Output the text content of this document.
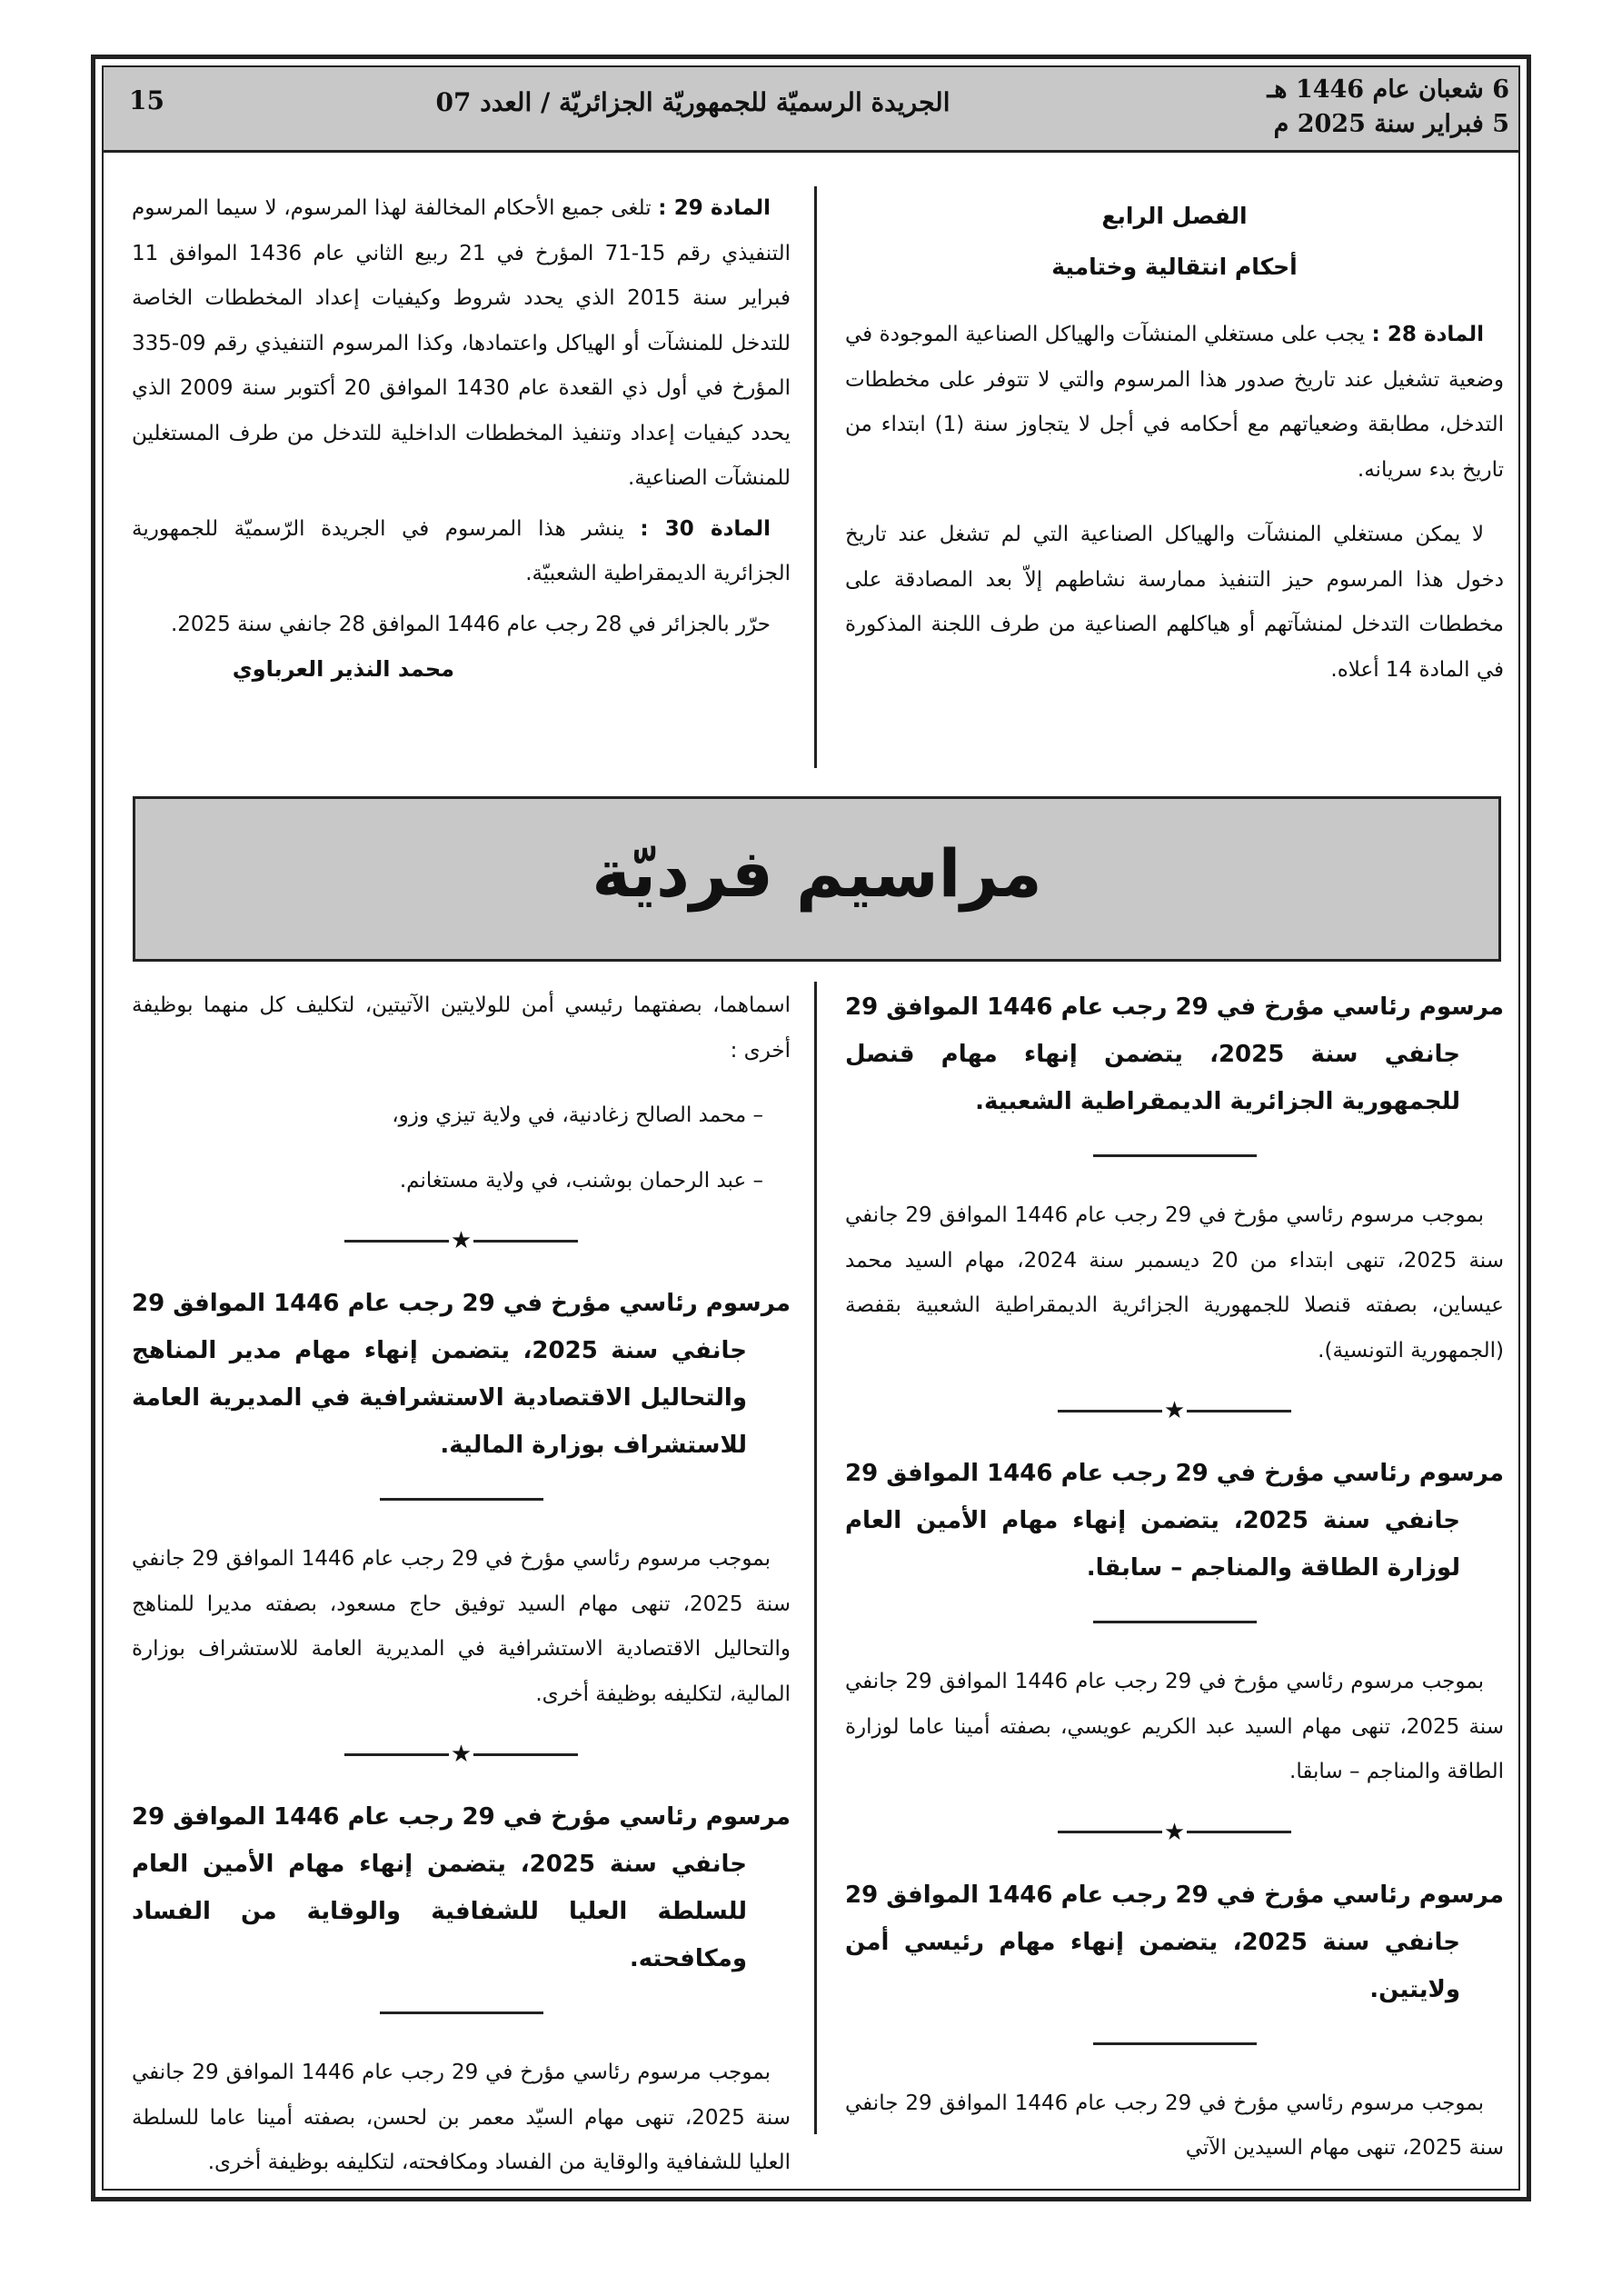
6 شعبان عام 1446 هـ
5 فبراير سنة 2025 م
الجريدة الرسميّة للجمهوريّة الجزائريّة / العدد 07
15

الفصل الرابع

أحكام انتقالية وختامية

المادة 28 : يجب على مستغلي المنشآت والهياكل الصناعية الموجودة في وضعية تشغيل عند تاريخ صدور هذا المرسوم والتي لا تتوفر على مخططات التدخل، مطابقة وضعياتهم مع أحكامه في أجل لا يتجاوز سنة (1) ابتداء من تاريخ بدء سريانه.

لا يمكن مستغلي المنشآت والهياكل الصناعية التي لم تشغل عند تاريخ دخول هذا المرسوم حيز التنفيذ ممارسة نشاطهم إلاّ بعد المصادقة على مخططات التدخل لمنشآتهم أو هياكلهم الصناعية من طرف اللجنة المذكورة في المادة 14 أعلاه.

المادة 29 : تلغى جميع الأحكام المخالفة لهذا المرسوم، لا سيما المرسوم التنفيذي رقم 15-71 المؤرخ في 21 ربيع الثاني عام 1436 الموافق 11 فبراير سنة 2015 الذي يحدد شروط وكيفيات إعداد المخططات الخاصة للتدخل للمنشآت أو الهياكل واعتمادها، وكذا المرسوم التنفيذي رقم 09-335 المؤرخ في أول ذي القعدة عام 1430 الموافق 20 أكتوبر سنة 2009 الذي يحدد كيفيات إعداد وتنفيذ المخططات الداخلية للتدخل من طرف المستغلين للمنشآت الصناعية.

المادة 30 : ينشر هذا المرسوم في الجريدة الرّسميّة للجمهورية الجزائرية الديمقراطية الشعبيّة.

حرّر بالجزائر في 28 رجب عام 1446 الموافق 28 جانفي سنة 2025.

محمد النذير العرباوي

مراسيم فرديّة

مرسوم رئاسي مؤرخ في 29 رجب عام 1446 الموافق 29 جانفي سنة 2025، يتضمن إنهاء مهام قنصل للجمهورية الجزائرية الديمقراطية الشعبية.

بموجب مرسوم رئاسي مؤرخ في 29 رجب عام 1446 الموافق 29 جانفي سنة 2025، تنهى ابتداء من 20 ديسمبر سنة 2024، مهام السيد محمد عيساين، بصفته قنصلا للجمهورية الجزائرية الديمقراطية الشعبية بقفصة (الجمهورية التونسية).

★

مرسوم رئاسي مؤرخ في 29 رجب عام 1446 الموافق 29 جانفي سنة 2025، يتضمن إنهاء مهام الأمين العام لوزارة الطاقة والمناجم – سابقا.

بموجب مرسوم رئاسي مؤرخ في 29 رجب عام 1446 الموافق 29 جانفي سنة 2025، تنهى مهام السيد عبد الكريم عويسي، بصفته أمينا عاما لوزارة الطاقة والمناجم – سابقا.

★

مرسوم رئاسي مؤرخ في 29 رجب عام 1446 الموافق 29 جانفي سنة 2025، يتضمن إنهاء مهام رئيسي أمن ولايتين.

بموجب مرسوم رئاسي مؤرخ في 29 رجب عام 1446 الموافق 29 جانفي سنة 2025، تنهى مهام السيدين الآتي

اسماهما، بصفتهما رئيسي أمن للولايتين الآتيتين، لتكليف كل منهما بوظيفة أخرى :

– محمد الصالح زغادنية، في ولاية تيزي وزو،

– عبد الرحمان بوشنب، في ولاية مستغانم.

★

مرسوم رئاسي مؤرخ في 29 رجب عام 1446 الموافق 29 جانفي سنة 2025، يتضمن إنهاء مهام مدير المناهج والتحاليل الاقتصادية الاستشرافية في المديرية العامة للاستشراف بوزارة المالية.

بموجب مرسوم رئاسي مؤرخ في 29 رجب عام 1446 الموافق 29 جانفي سنة 2025، تنهى مهام السيد توفيق حاج مسعود، بصفته مديرا للمناهج والتحاليل الاقتصادية الاستشرافية في المديرية العامة للاستشراف بوزارة المالية، لتكليفه بوظيفة أخرى.

★

مرسوم رئاسي مؤرخ في 29 رجب عام 1446 الموافق 29 جانفي سنة 2025، يتضمن إنهاء مهام الأمين العام للسلطة العليا للشفافية والوقاية من الفساد ومكافحته.

بموجب مرسوم رئاسي مؤرخ في 29 رجب عام 1446 الموافق 29 جانفي سنة 2025، تنهى مهام السيّد معمر بن لحسن، بصفته أمينا عاما للسلطة العليا للشفافية والوقاية من الفساد ومكافحته، لتكليفه بوظيفة أخرى.
